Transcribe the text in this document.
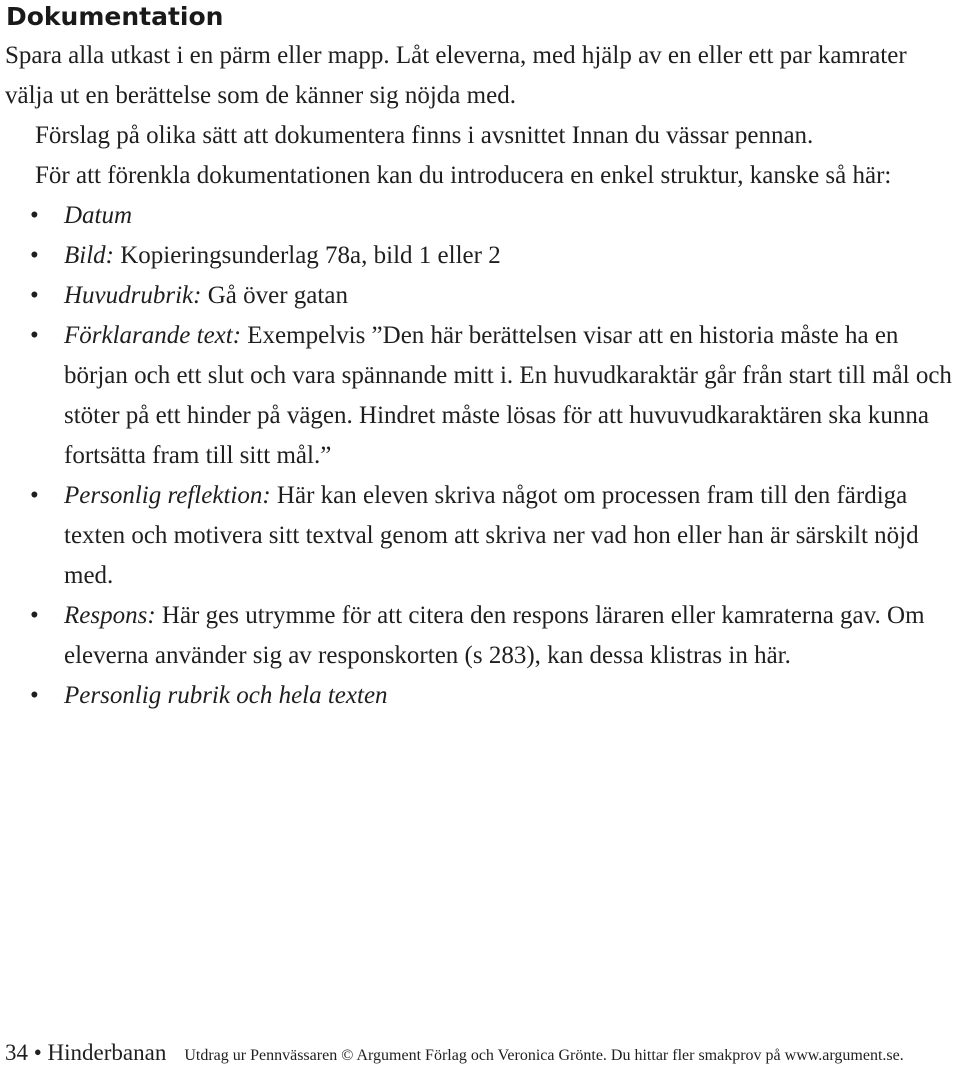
Dokumentation

Spara alla utkast i en pärm eller mapp. Låt eleverna, med hjälp av en eller ett par kamrater välja ut en berättelse som de känner sig nöjda med.

Förslag på olika sätt att dokumentera finns i avsnittet Innan du vässar pennan.

För att förenkla dokumentationen kan du introducera en enkel struktur, kanske så här:

• Datum
• Bild: Kopieringsunderlag 78a, bild 1 eller 2
• Huvudrubrik: Gå över gatan
• Förklarande text: Exempelvis ”Den här berättelsen visar att en historia måste ha en början och ett slut och vara spännande mitt i. En huvudkaraktär går från start till mål och stöter på ett hinder på vägen. Hindret måste lösas för att huvuvudkaraktären ska kunna fortsätta fram till sitt mål.”
• Personlig reflektion: Här kan eleven skriva något om processen fram till den färdiga texten och motivera sitt textval genom att skriva ner vad hon eller han är särskilt nöjd med.
• Respons: Här ges utrymme för att citera den respons läraren eller kamraterna gav. Om eleverna använder sig av responskorten (s 283), kan dessa klistras in här.
• Personlig rubrik och hela texten
34 • Hinderbanan Utdrag ur Pennvässaren © Argument Förlag och Veronica Grönte. Du hittar fler smakprov på www.argument.se.
